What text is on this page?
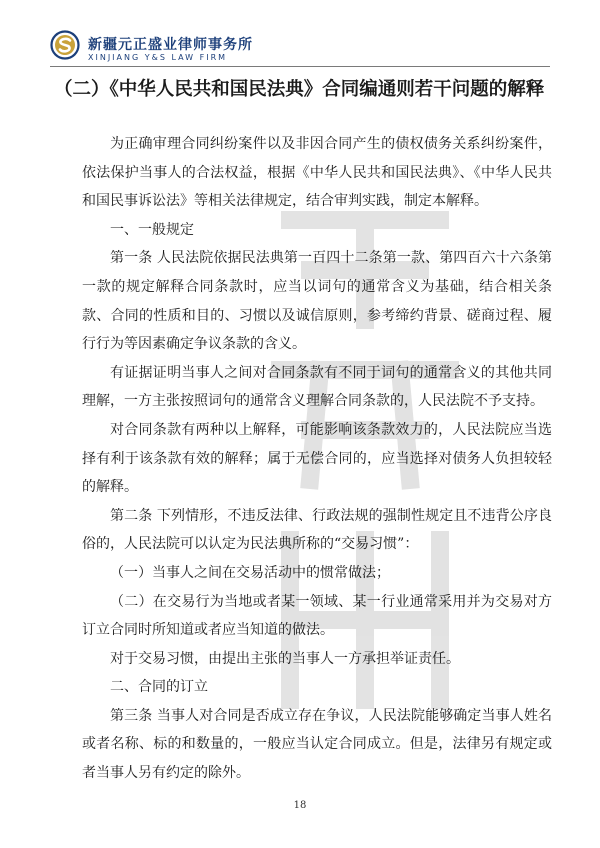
新疆元正盛业律师事务所
XINJIANG Y&S LAW FIRM
（二）《中华人民共和国民法典》合同编通则若干问题的解释

为正确审理合同纠纷案件以及非因合同产生的债权债务关系纠纷案件，依法保护当事人的合法权益，根据《中华人民共和国民法典》、《中华人民共和国民事诉讼法》等相关法律规定，结合审判实践，制定本解释。

一、一般规定

第一条 人民法院依据民法典第一百四十二条第一款、第四百六十六条第一款的规定解释合同条款时，应当以词句的通常含义为基础，结合相关条款、合同的性质和目的、习惯以及诚信原则，参考缔约背景、磋商过程、履行行为等因素确定争议条款的含义。

有证据证明当事人之间对合同条款有不同于词句的通常含义的其他共同理解，一方主张按照词句的通常含义理解合同条款的，人民法院不予支持。

对合同条款有两种以上解释，可能影响该条款效力的，人民法院应当选择有利于该条款有效的解释；属于无偿合同的，应当选择对债务人负担较轻的解释。

第二条 下列情形，不违反法律、行政法规的强制性规定且不违背公序良俗的，人民法院可以认定为民法典所称的“交易习惯”：

（一）当事人之间在交易活动中的惯常做法；

（二）在交易行为当地或者某一领域、某一行业通常采用并为交易对方订立合同时所知道或者应当知道的做法。

对于交易习惯，由提出主张的当事人一方承担举证责任。

二、合同的订立

第三条 当事人对合同是否成立存在争议，人民法院能够确定当事人姓名或者名称、标的和数量的，一般应当认定合同成立。但是，法律另有规定或者当事人另有约定的除外。

18
